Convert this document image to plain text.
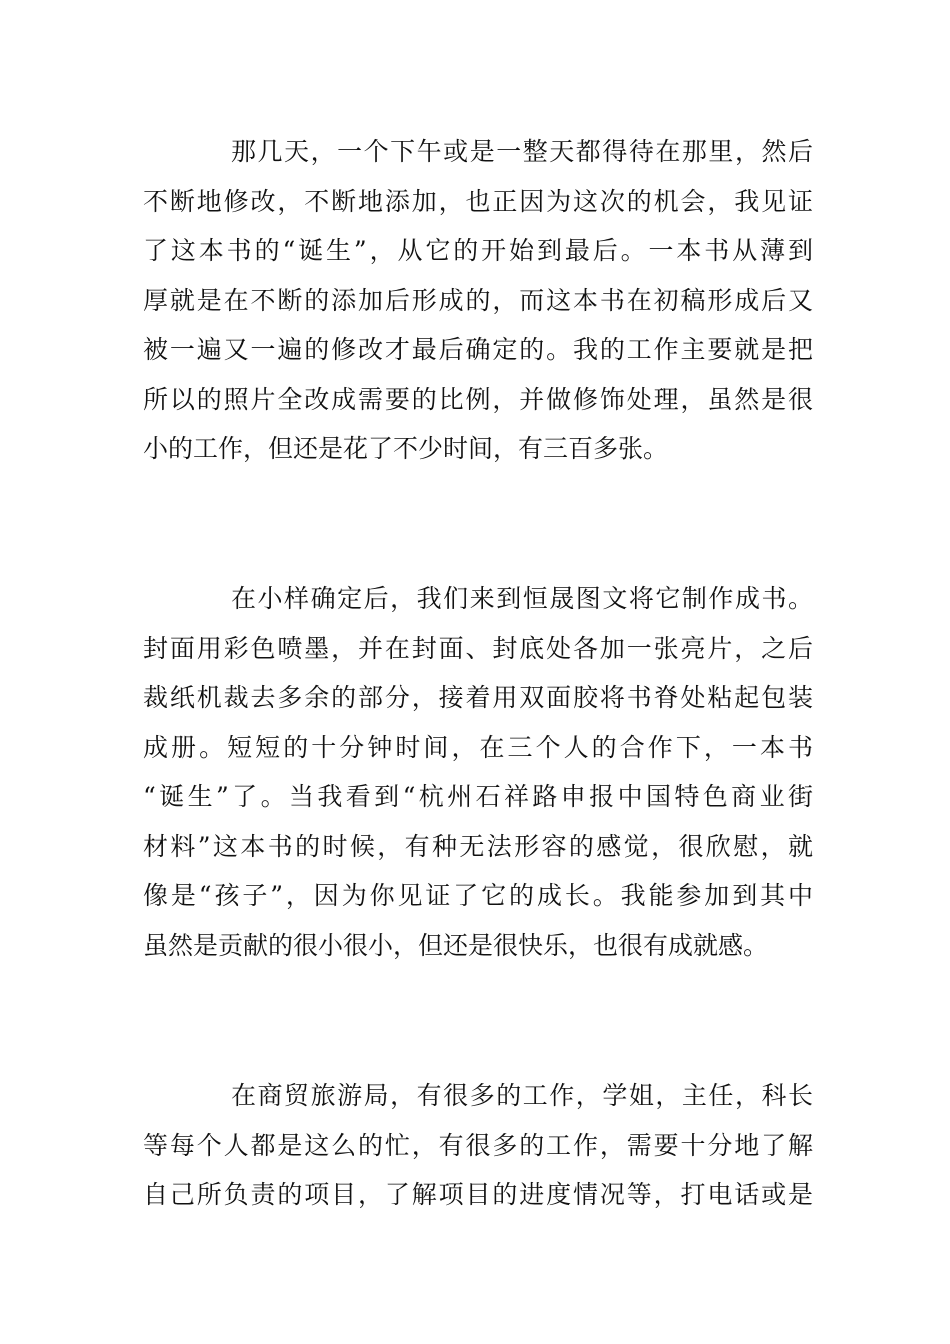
那几天，一个下午或是一整天都得待在那里，然后
不断地修改，不断地添加，也正因为这次的机会，我见证
了这本书的“诞生”，从它的开始到最后。一本书从薄到
厚就是在不断的添加后形成的，而这本书在初稿形成后又
被一遍又一遍的修改才最后确定的。我的工作主要就是把
所以的照片全改成需要的比例，并做修饰处理，虽然是很
小的工作，但还是花了不少时间，有三百多张。
在小样确定后，我们来到恒晟图文将它制作成书。
封面用彩色喷墨，并在封面、封底处各加一张亮片，之后
裁纸机裁去多余的部分，接着用双面胶将书脊处粘起包装
成册。短短的十分钟时间，在三个人的合作下，一本书
“诞生”了。当我看到“杭州石祥路申报中国特色商业街
材料”这本书的时候，有种无法形容的感觉，很欣慰，就
像是“孩子”，因为你见证了它的成长。我能参加到其中
虽然是贡献的很小很小，但还是很快乐，也很有成就感。
在商贸旅游局，有很多的工作，学姐，主任，科长
等每个人都是这么的忙，有很多的工作，需要十分地了解
自己所负责的项目，了解项目的进度情况等，打电话或是
